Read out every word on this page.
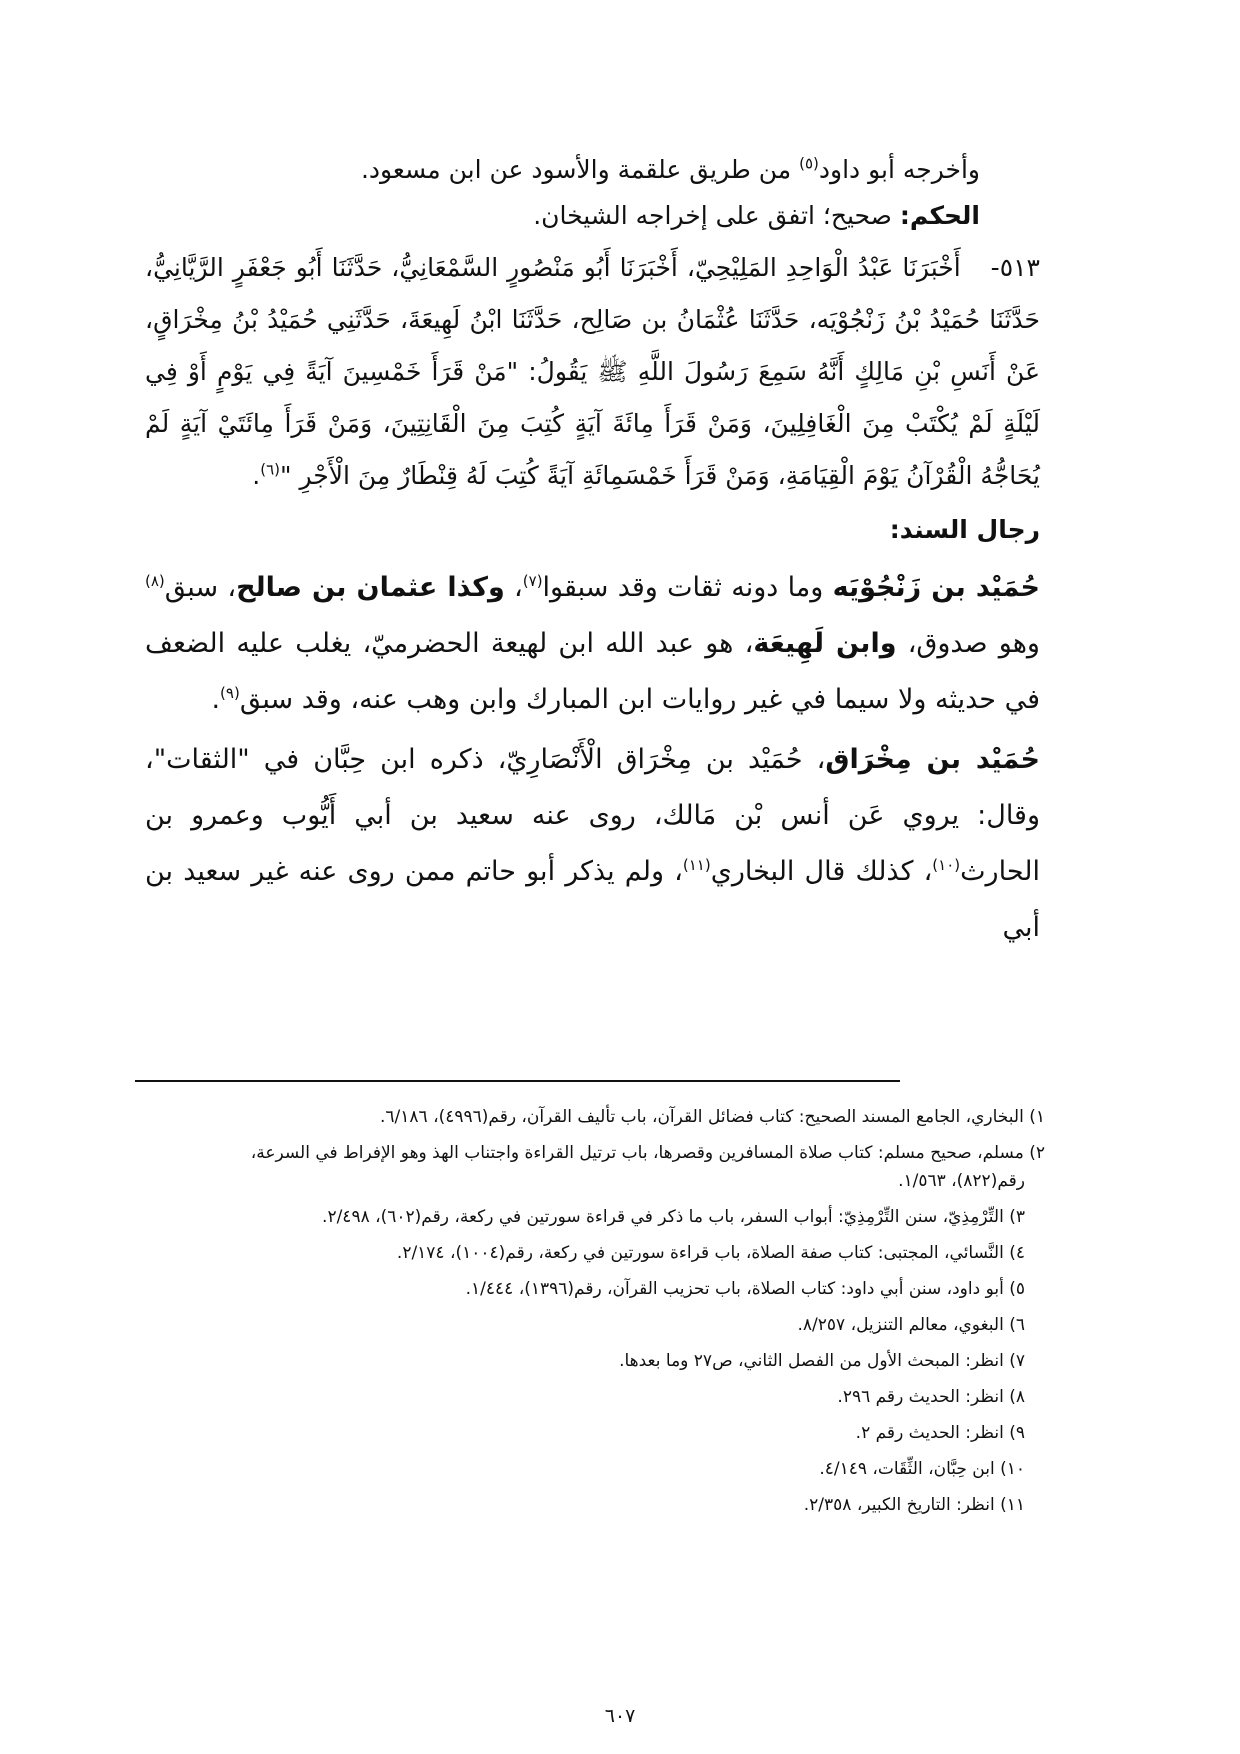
وأخرجه أبو داود$^{(٥)}$ من طريق علقمة والأسود عن ابن مسعود.

الحكم: صحيح؛ اتفق على إخراجه الشيخان.

٥١٣-أَخْبَرَنَا عَبْدُ الْوَاحِدِ المَلِيْحِيّ، أَخْبَرَنَا أَبُو مَنْصُورٍ السَّمْعَانِيُّ، حَدَّثَنَا أَبُو جَعْفَرٍ الرَّيَّانِيُّ، حَدَّثَنَا حُمَيْدُ بْنُ زَنْجُوْيَه، حَدَّثَنَا عُثْمَانُ بن صَالِح، حَدَّثَنَا ابْنُ لَهِيعَةَ، حَدَّثَنِي حُمَيْدُ بْنُ مِخْرَاقٍ، عَنْ أَنَسِ بْنِ مَالِكٍ أَنَّهُ سَمِعَ رَسُولَ اللَّهِ ﷺ يَقُولُ: "مَنْ قَرَأَ خَمْسِينَ آيَةً فِي يَوْمٍ أَوْ فِي لَيْلَةٍ لَمْ يُكْتَبْ مِنَ الْغَافِلِينَ، وَمَنْ قَرَأَ مِائَةَ آيَةٍ كُتِبَ مِنَ الْقَانِتِينَ، وَمَنْ قَرَأَ مِائَتَيْ آيَةٍ لَمْ يُحَاجُّهُ الْقُرْآنُ يَوْمَ الْقِيَامَةِ، وَمَنْ قَرَأَ خَمْسَمِائَةِ آيَةً كُتِبَ لَهُ قِنْطَارٌ مِنَ الْأَجْرِ "$^{(٦)}$.

رجال السند:

حُمَيْد بن زَنْجُوْيَه وما دونه ثقات وقد سبقوا$^{(٧)}$، وكذا عثمان بن صالح، سبق$^{(٨)}$ وهو صدوق، وابن لَهِيعَة، هو عبد الله ابن لهيعة الحضرميّ، يغلب عليه الضعف في حديثه ولا سيما في غير روايات ابن المبارك وابن وهب عنه، وقد سبق$^{(٩)}$.

حُمَيْد بن مِخْرَاق، حُمَيْد بن مِخْرَاق الْأَنْصَارِيّ، ذكره ابن حِبَّان في "الثقات"، وقال: يروي عَن أنس بْن مَالك، روى عنه سعيد بن أبي أَيُّوب وعمرو بن الحارث$^{(١٠)}$، كذلك قال البخاري$^{(١١)}$، ولم يذكر أبو حاتم ممن روى عنه غير سعيد بن أبي

١) البخاري، الجامع المسند الصحيح: كتاب فضائل القرآن، باب تأليف القرآن، رقم(٤٩٩٦)، ٦/١٨٦.

٢) مسلم، صحيح مسلم: كتاب صلاة المسافرين وقصرها، باب ترتيل القراءة واجتناب الهذ وهو الإفراط في السرعة،
رقم(٨٢٢)، ١/٥٦٣.

٣) التِّرْمِذِيّ، سنن التِّرْمِذِيّ: أبواب السفر، باب ما ذكر في قراءة سورتين في ركعة، رقم(٦٠٢)، ٢/٤٩٨.

٤) النَّسائي، المجتبى: كتاب صفة الصلاة، باب قراءة سورتين في ركعة، رقم(١٠٠٤)، ٢/١٧٤.

٥) أبو داود، سنن أبي داود: كتاب الصلاة، باب تحزيب القرآن، رقم(١٣٩٦)، ١/٤٤٤.

٦) البغوي، معالم التنزيل، ٨/٢٥٧.

٧) انظر: المبحث الأول من الفصل الثاني، ص٢٧ وما بعدها.

٨) انظر: الحديث رقم ٢٩٦.

٩) انظر: الحديث رقم ٢.

١٠) ابن حِبَّان، الثِّقَات، ٤/١٤٩.

١١) انظر: التاريخ الكبير، ٢/٣٥٨.

٦٠٧
